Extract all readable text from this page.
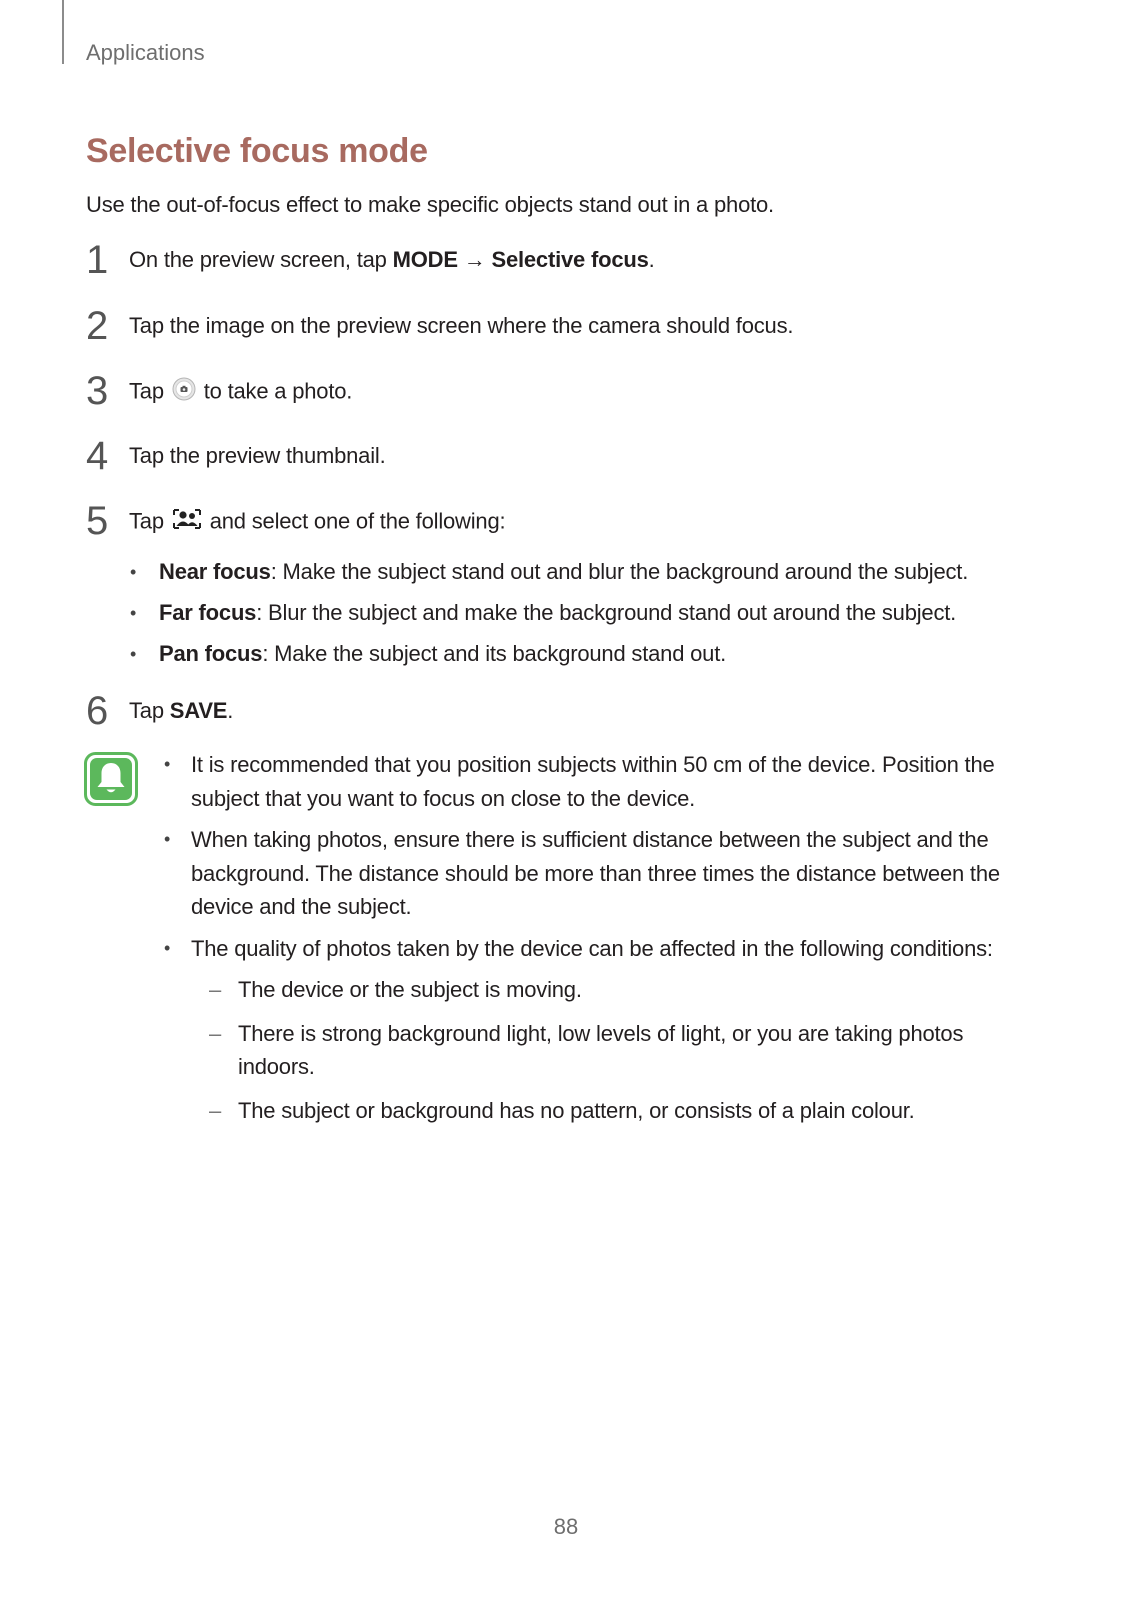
Applications
Selective focus mode
Use the out-of-focus effect to make specific objects stand out in a photo.
1 On the preview screen, tap MODE → Selective focus.
2 Tap the image on the preview screen where the camera should focus.
3 Tap  to take a photo.
4 Tap the preview thumbnail.
5 Tap  and select one of the following:
• Near focus: Make the subject stand out and blur the background around the subject.
• Far focus: Blur the subject and make the background stand out around the subject.
• Pan focus: Make the subject and its background stand out.
6 Tap SAVE.
• It is recommended that you position subjects within 50 cm of the device. Position the subject that you want to focus on close to the device.
• When taking photos, ensure there is sufficient distance between the subject and the background. The distance should be more than three times the distance between the device and the subject.
• The quality of photos taken by the device can be affected in the following conditions:
– The device or the subject is moving.
– There is strong background light, low levels of light, or you are taking photos indoors.
– The subject or background has no pattern, or consists of a plain colour.
88
